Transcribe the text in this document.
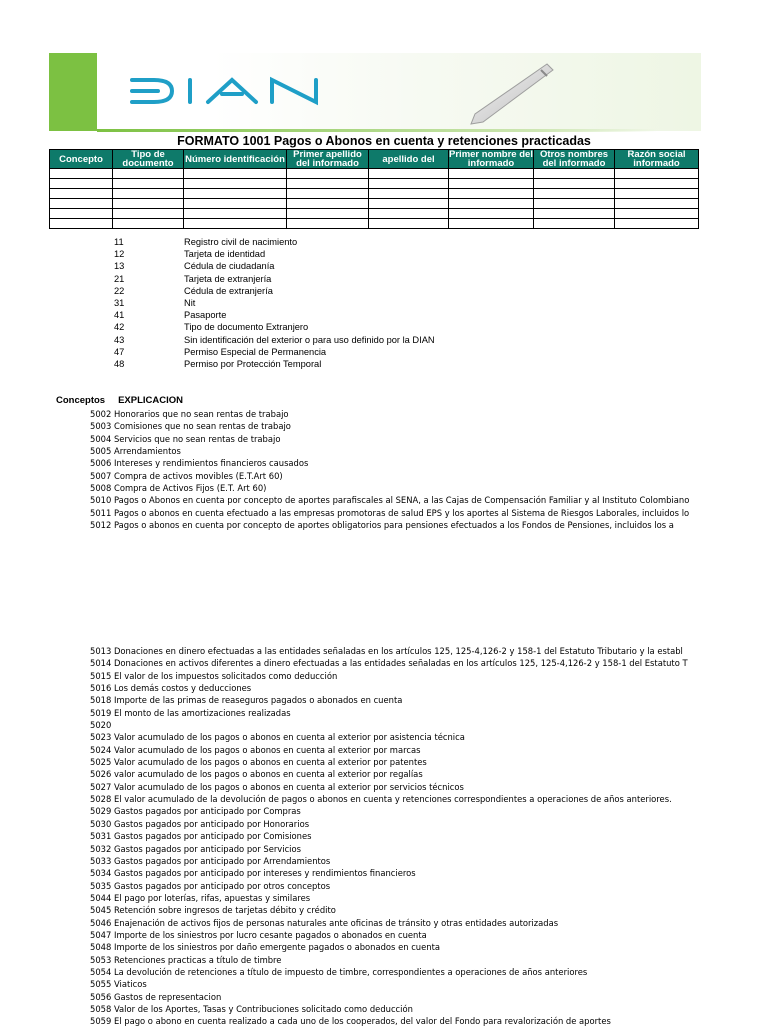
FORMATO 1001 Pagos o Abonos en cuenta y retenciones practicadas
Concepto	Tipo de documento	Número identificación	Primer apellido del informado	apellido del	Primer nombre del informado	Otros nombres del informado	Razón social informado

11	Registro civil de nacimiento
12	Tarjeta de identidad
13	Cédula de ciudadanía
21	Tarjeta de extranjería
22	Cédula de extranjería
31	Nit
41	Pasaporte
42	Tipo de documento Extranjero
43	Sin identificación del exterior o para uso definido por la DIAN
47	Permiso Especial de Permanencia
48	Permiso por Protección Temporal
Conceptos EXPLICACION
5002 Honorarios que no sean rentas de trabajo
5003 Comisiones que no sean rentas de trabajo
5004 Servicios que no sean rentas de trabajo
5005 Arrendamientos
5006 Intereses y rendimientos financieros causados
5007 Compra de activos movibles (E.T.Art 60)
5008 Compra de Activos Fijos (E.T. Art 60)
5010 Pagos o Abonos en cuenta por concepto de aportes parafiscales al SENA, a las Cajas de Compensación Familiar y al Instituto Colombiano
5011 Pagos o abonos en cuenta efectuado a las empresas promotoras de salud EPS y los aportes al Sistema de Riesgos Laborales, incluidos lo
5012 Pagos o abonos en cuenta por concepto de aportes obligatorios para pensiones efectuados a los Fondos de Pensiones, incluidos los a
5013 Donaciones en dinero efectuadas a las entidades señaladas en los artículos 125, 125-4,126-2 y 158-1 del Estatuto Tributario y la establ
5014 Donaciones en activos diferentes a dinero efectuadas a las entidades señaladas en los artículos 125, 125-4,126-2 y 158-1 del Estatuto T
5015 El valor de los impuestos solicitados como deducción
5016 Los demás costos y deducciones
5018 Importe de las primas de reaseguros pagados o abonados en cuenta
5019 El monto de las amortizaciones realizadas
5020
5023 Valor acumulado de los pagos o abonos en cuenta al exterior por asistencia técnica
5024 Valor acumulado de los pagos o abonos en cuenta al exterior por marcas
5025 Valor acumulado de los pagos o abonos en cuenta al exterior por patentes
5026 valor acumulado de los pagos o abonos en cuenta al exterior por regalías
5027 Valor acumulado de los pagos o abonos en cuenta al exterior por servicios técnicos
5028 El valor acumulado de la devolución de pagos o abonos en cuenta y retenciones correspondientes a operaciones de años anteriores.
5029 Gastos pagados por anticipado por Compras
5030 Gastos pagados por anticipado por Honorarios
5031 Gastos pagados por anticipado por Comisiones
5032 Gastos pagados por anticipado por Servicios
5033 Gastos pagados por anticipado por Arrendamientos
5034 Gastos pagados por anticipado por intereses y rendimientos financieros
5035 Gastos pagados por anticipado por otros conceptos
5044 El pago por loterías, rifas, apuestas y similares
5045 Retención sobre ingresos de tarjetas débito y crédito
5046 Enajenación de activos fijos de personas naturales ante oficinas de tránsito y otras entidades autorizadas
5047 Importe de los siniestros por lucro cesante pagados o abonados en cuenta
5048 Importe de los siniestros por daño emergente pagados o abonados en cuenta
5053 Retenciones practicas a título de timbre
5054 La devolución de retenciones a título de impuesto de timbre, correspondientes a operaciones de años anteriores
5055 Viaticos
5056 Gastos de representacion
5058 Valor de los Aportes, Tasas y Contribuciones solicitado como deducción
5059 El pago o abono en cuenta realizado a cada uno de los cooperados, del valor del Fondo para revalorización de aportes
